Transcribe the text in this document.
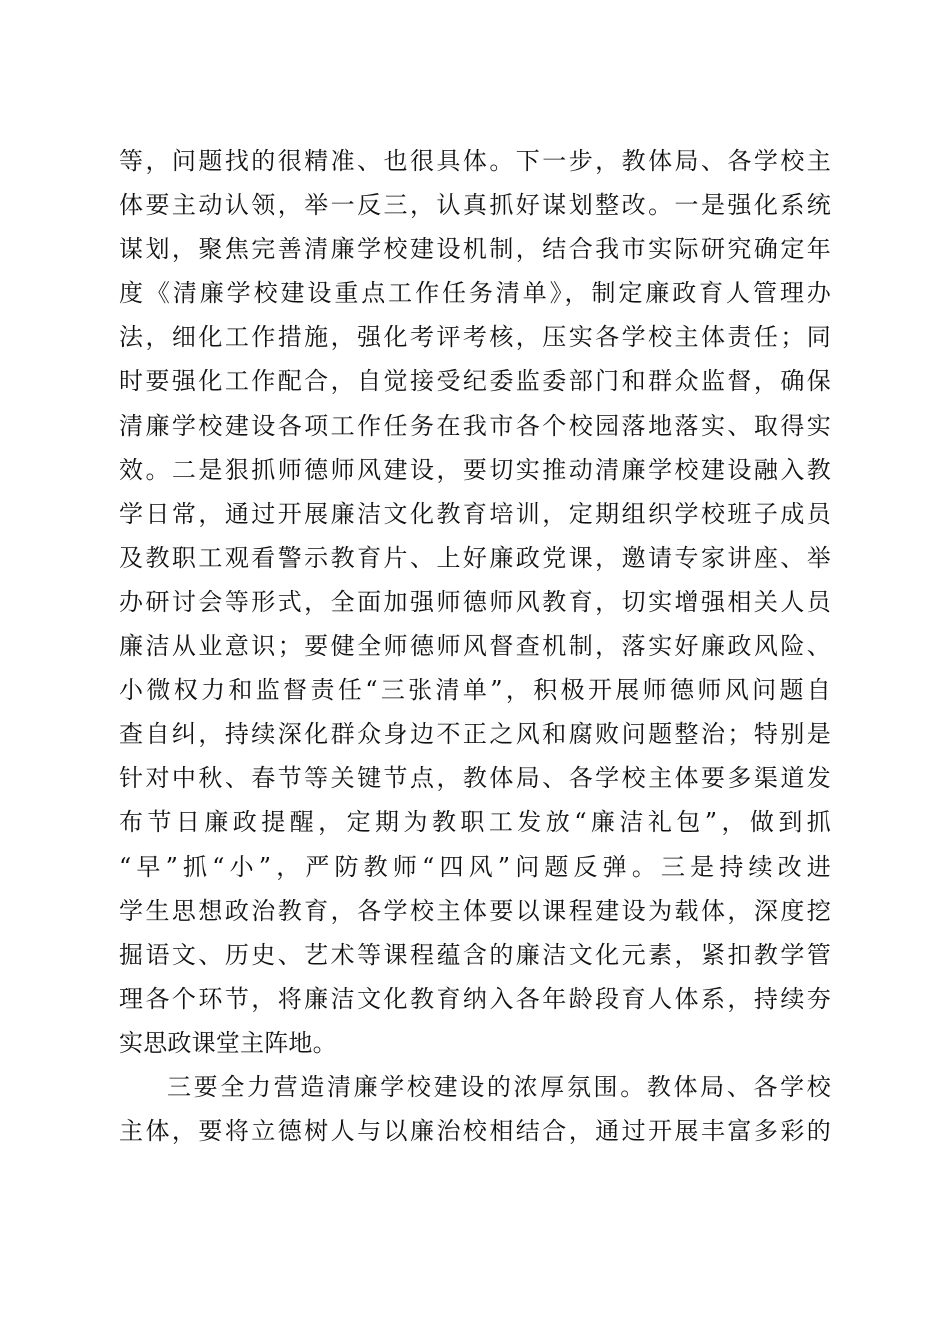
等，问题找的很精准、也很具体。下一步，教体局、各学校主
体要主动认领，举一反三，认真抓好谋划整改。一是强化系统
谋划，聚焦完善清廉学校建设机制，结合我市实际研究确定年
度《清廉学校建设重点工作任务清单》，制定廉政育人管理办
法，细化工作措施，强化考评考核，压实各学校主体责任；同
时要强化工作配合，自觉接受纪委监委部门和群众监督，确保
清廉学校建设各项工作任务在我市各个校园落地落实、取得实
效。二是狠抓师德师风建设，要切实推动清廉学校建设融入教
学日常，通过开展廉洁文化教育培训，定期组织学校班子成员
及教职工观看警示教育片、上好廉政党课，邀请专家讲座、举
办研讨会等形式，全面加强师德师风教育，切实增强相关人员
廉洁从业意识；要健全师德师风督查机制，落实好廉政风险、
小微权力和监督责任“三张清单”，积极开展师德师风问题自
查自纠，持续深化群众身边不正之风和腐败问题整治；特别是
针对中秋、春节等关键节点，教体局、各学校主体要多渠道发
布节日廉政提醒，定期为教职工发放“廉洁礼包”，做到抓
“早”抓“小”，严防教师“四风”问题反弹。三是持续改进
学生思想政治教育，各学校主体要以课程建设为载体，深度挖
掘语文、历史、艺术等课程蕴含的廉洁文化元素，紧扣教学管
理各个环节，将廉洁文化教育纳入各年龄段育人体系，持续夯
实思政课堂主阵地。
三要全力营造清廉学校建设的浓厚氛围。教体局、各学校
主体，要将立德树人与以廉治校相结合，通过开展丰富多彩的
